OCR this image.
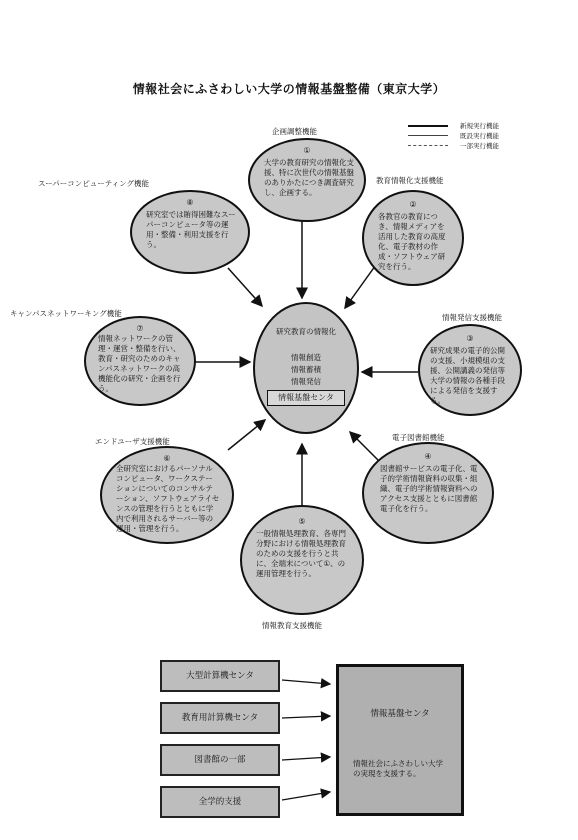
情報社会にふさわしい大学の情報基盤整備（東京大学）
新規実行機能
既設実行機能
一部実行機能
企画調整機能
①
大学の教育研究の情報化支援、特に次世代の情報基盤のありかたにつき調査研究し、企画する。
教育情報化支援機能
②
各教官の教育につき、情報メディアを活用した教育の高度化、電子教材の作成・ソフトウェア研究を行う。
情報発信支援機能
③
研究成果の電子的公開の支援、小規模組の支援、公開講義の発信等大学の情報の各種手段による発信を支援する。
電子図書館機能
④
図書館サービスの電子化、電子的学術情報資料の収集・組織、電子的学術情報資料へのアクセス支援とともに図書館電子化を行う。
⑤
一般情報処理教育、各専門分野における情報処理教育のための支援を行うと共に、全端末について①、の運用管理を行う。
情報教育支援機能
エンドユーザ支援機能
⑥
全研究室におけるパーソナルコンピュータ、ワークステーションについてのコンサルテーション、ソフトウェアライセンスの管理を行うとともに学内で利用されるサーバー等の運用・管理を行う。
キャンパスネットワーキング機能
⑦
情報ネットワークの管理・運営・整備を行い、教育・研究のためのキャンパスネットワークの高機能化の研究・企画を行う。
スーパーコンピューティング機能
⑧
研究室では賄得困難なスーパーコンピュータ等の運用・整備・利用支援を行う。
研究教育の情報化
情報創造
情報蓄積
情報発信
情報基盤センタ
大型計算機センタ
教育用計算機センタ
図書館の一部
全学的支援
情報基盤センタ
情報社会にふさわしい大学の実現を支援する。
